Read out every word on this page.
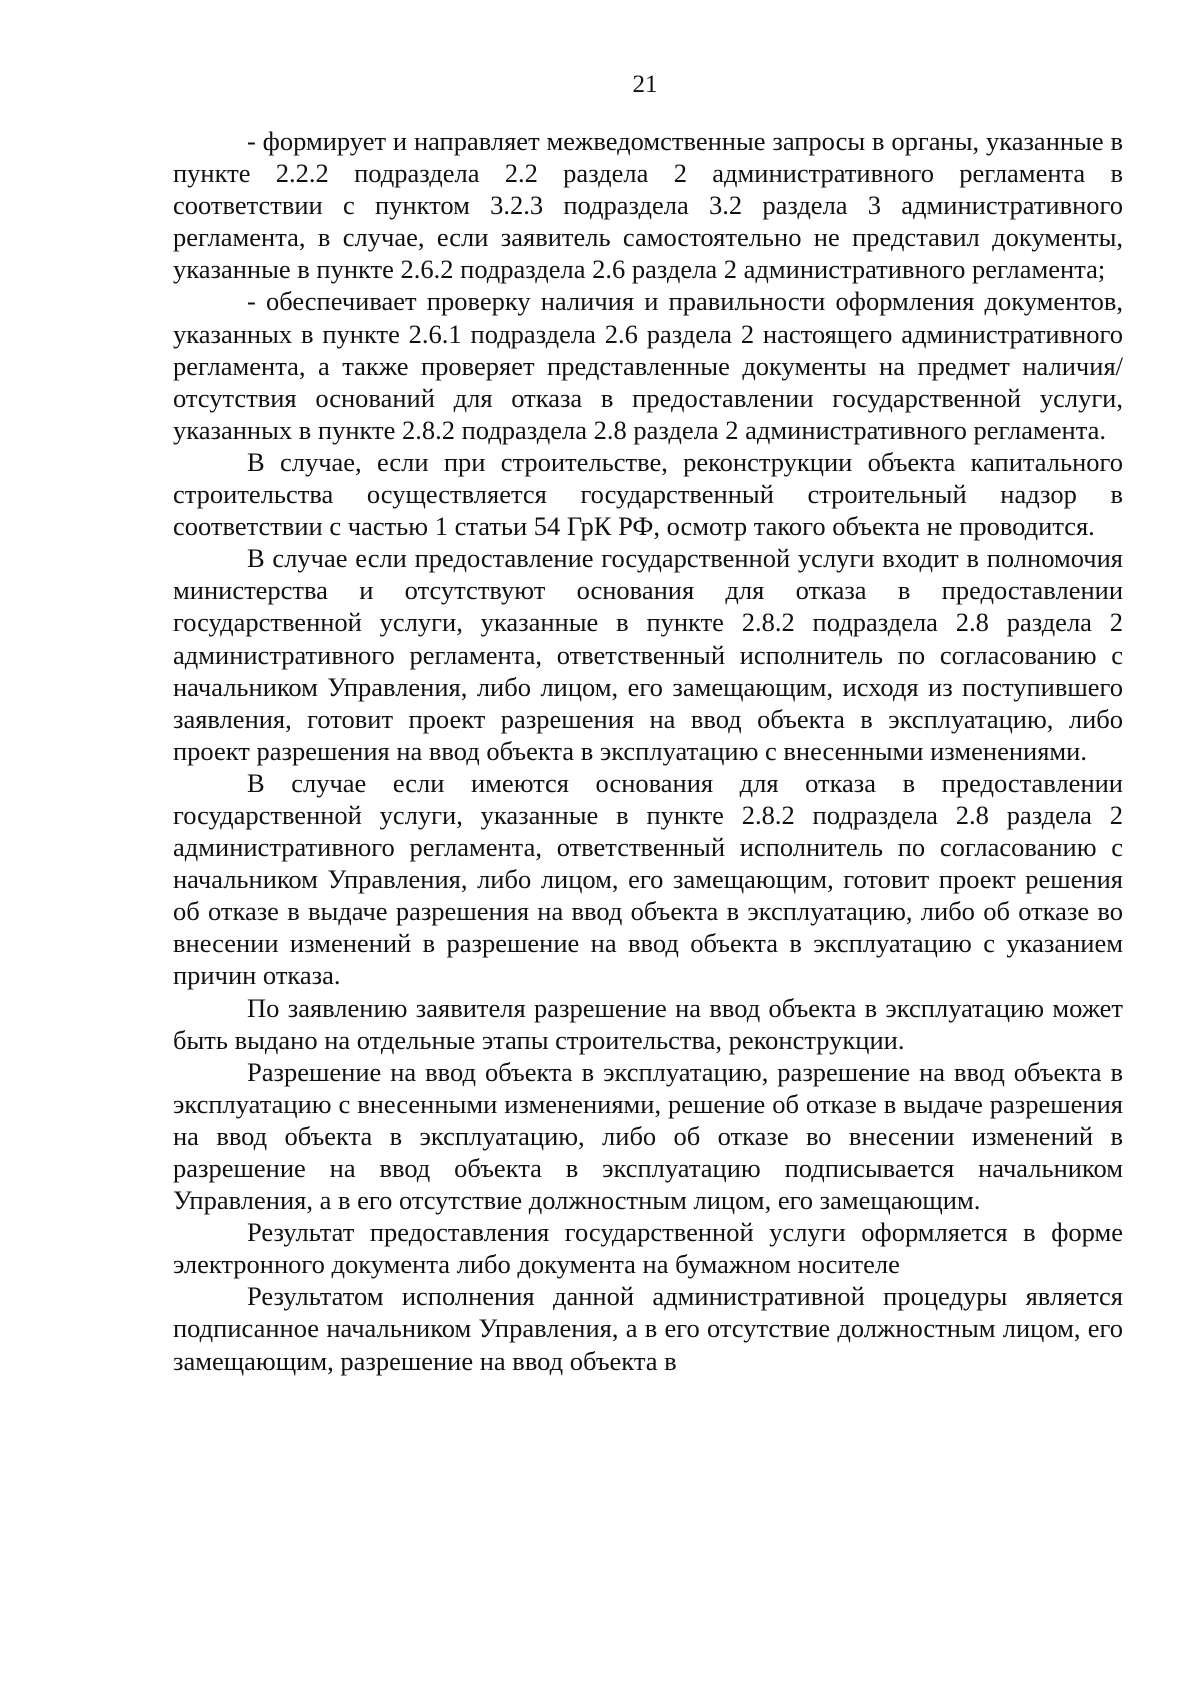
21

- формирует и направляет межведомственные запросы в органы, указанные в пункте 2.2.2 подраздела 2.2 раздела 2 административного регламента в соответствии с пунктом 3.2.3 подраздела 3.2 раздела 3 административного регламента, в случае, если заявитель самостоятельно не представил документы, указанные в пункте 2.6.2 подраздела 2.6 раздела 2 административного регламента;

- обеспечивает проверку наличия и правильности оформления документов, указанных в пункте 2.6.1 подраздела 2.6 раздела 2 настоящего административного регламента, а также проверяет представленные документы на предмет наличия/отсутствия оснований для отказа в предоставлении государственной услуги, указанных в пункте 2.8.2 подраздела 2.8 раздела 2 административного регламента.

В случае, если при строительстве, реконструкции объекта капитального строительства осуществляется государственный строительный надзор в соответствии с частью 1 статьи 54 ГрК РФ, осмотр такого объекта не проводится.

В случае если предоставление государственной услуги входит в полномочия министерства и отсутствуют основания для отказа в предоставлении государственной услуги, указанные в пункте 2.8.2 подраздела 2.8 раздела 2 административного регламента, ответственный исполнитель по согласованию с начальником Управления, либо лицом, его замещающим, исходя из поступившего заявления, готовит проект разрешения на ввод объекта в эксплуатацию, либо проект разрешения на ввод объекта в эксплуатацию с внесенными изменениями.

В случае если имеются основания для отказа в предоставлении государственной услуги, указанные в пункте 2.8.2 подраздела 2.8 раздела 2 административного регламента, ответственный исполнитель по согласованию с начальником Управления, либо лицом, его замещающим, готовит проект решения об отказе в выдаче разрешения на ввод объекта в эксплуатацию, либо об отказе во внесении изменений в разрешение на ввод объекта в эксплуатацию с указанием причин отказа.

По заявлению заявителя разрешение на ввод объекта в эксплуатацию может быть выдано на отдельные этапы строительства, реконструкции.

Разрешение на ввод объекта в эксплуатацию, разрешение на ввод объекта в эксплуатацию с внесенными изменениями, решение об отказе в выдаче разрешения на ввод объекта в эксплуатацию, либо об отказе во внесении изменений в разрешение на ввод объекта в эксплуатацию подписывается начальником Управления, а в его отсутствие должностным лицом, его замещающим.

Результат предоставления государственной услуги оформляется в форме электронного документа либо документа на бумажном носителе

Результатом исполнения данной административной процедуры является подписанное начальником Управления, а в его отсутствие должностным лицом, его замещающим, разрешение на ввод объекта в
